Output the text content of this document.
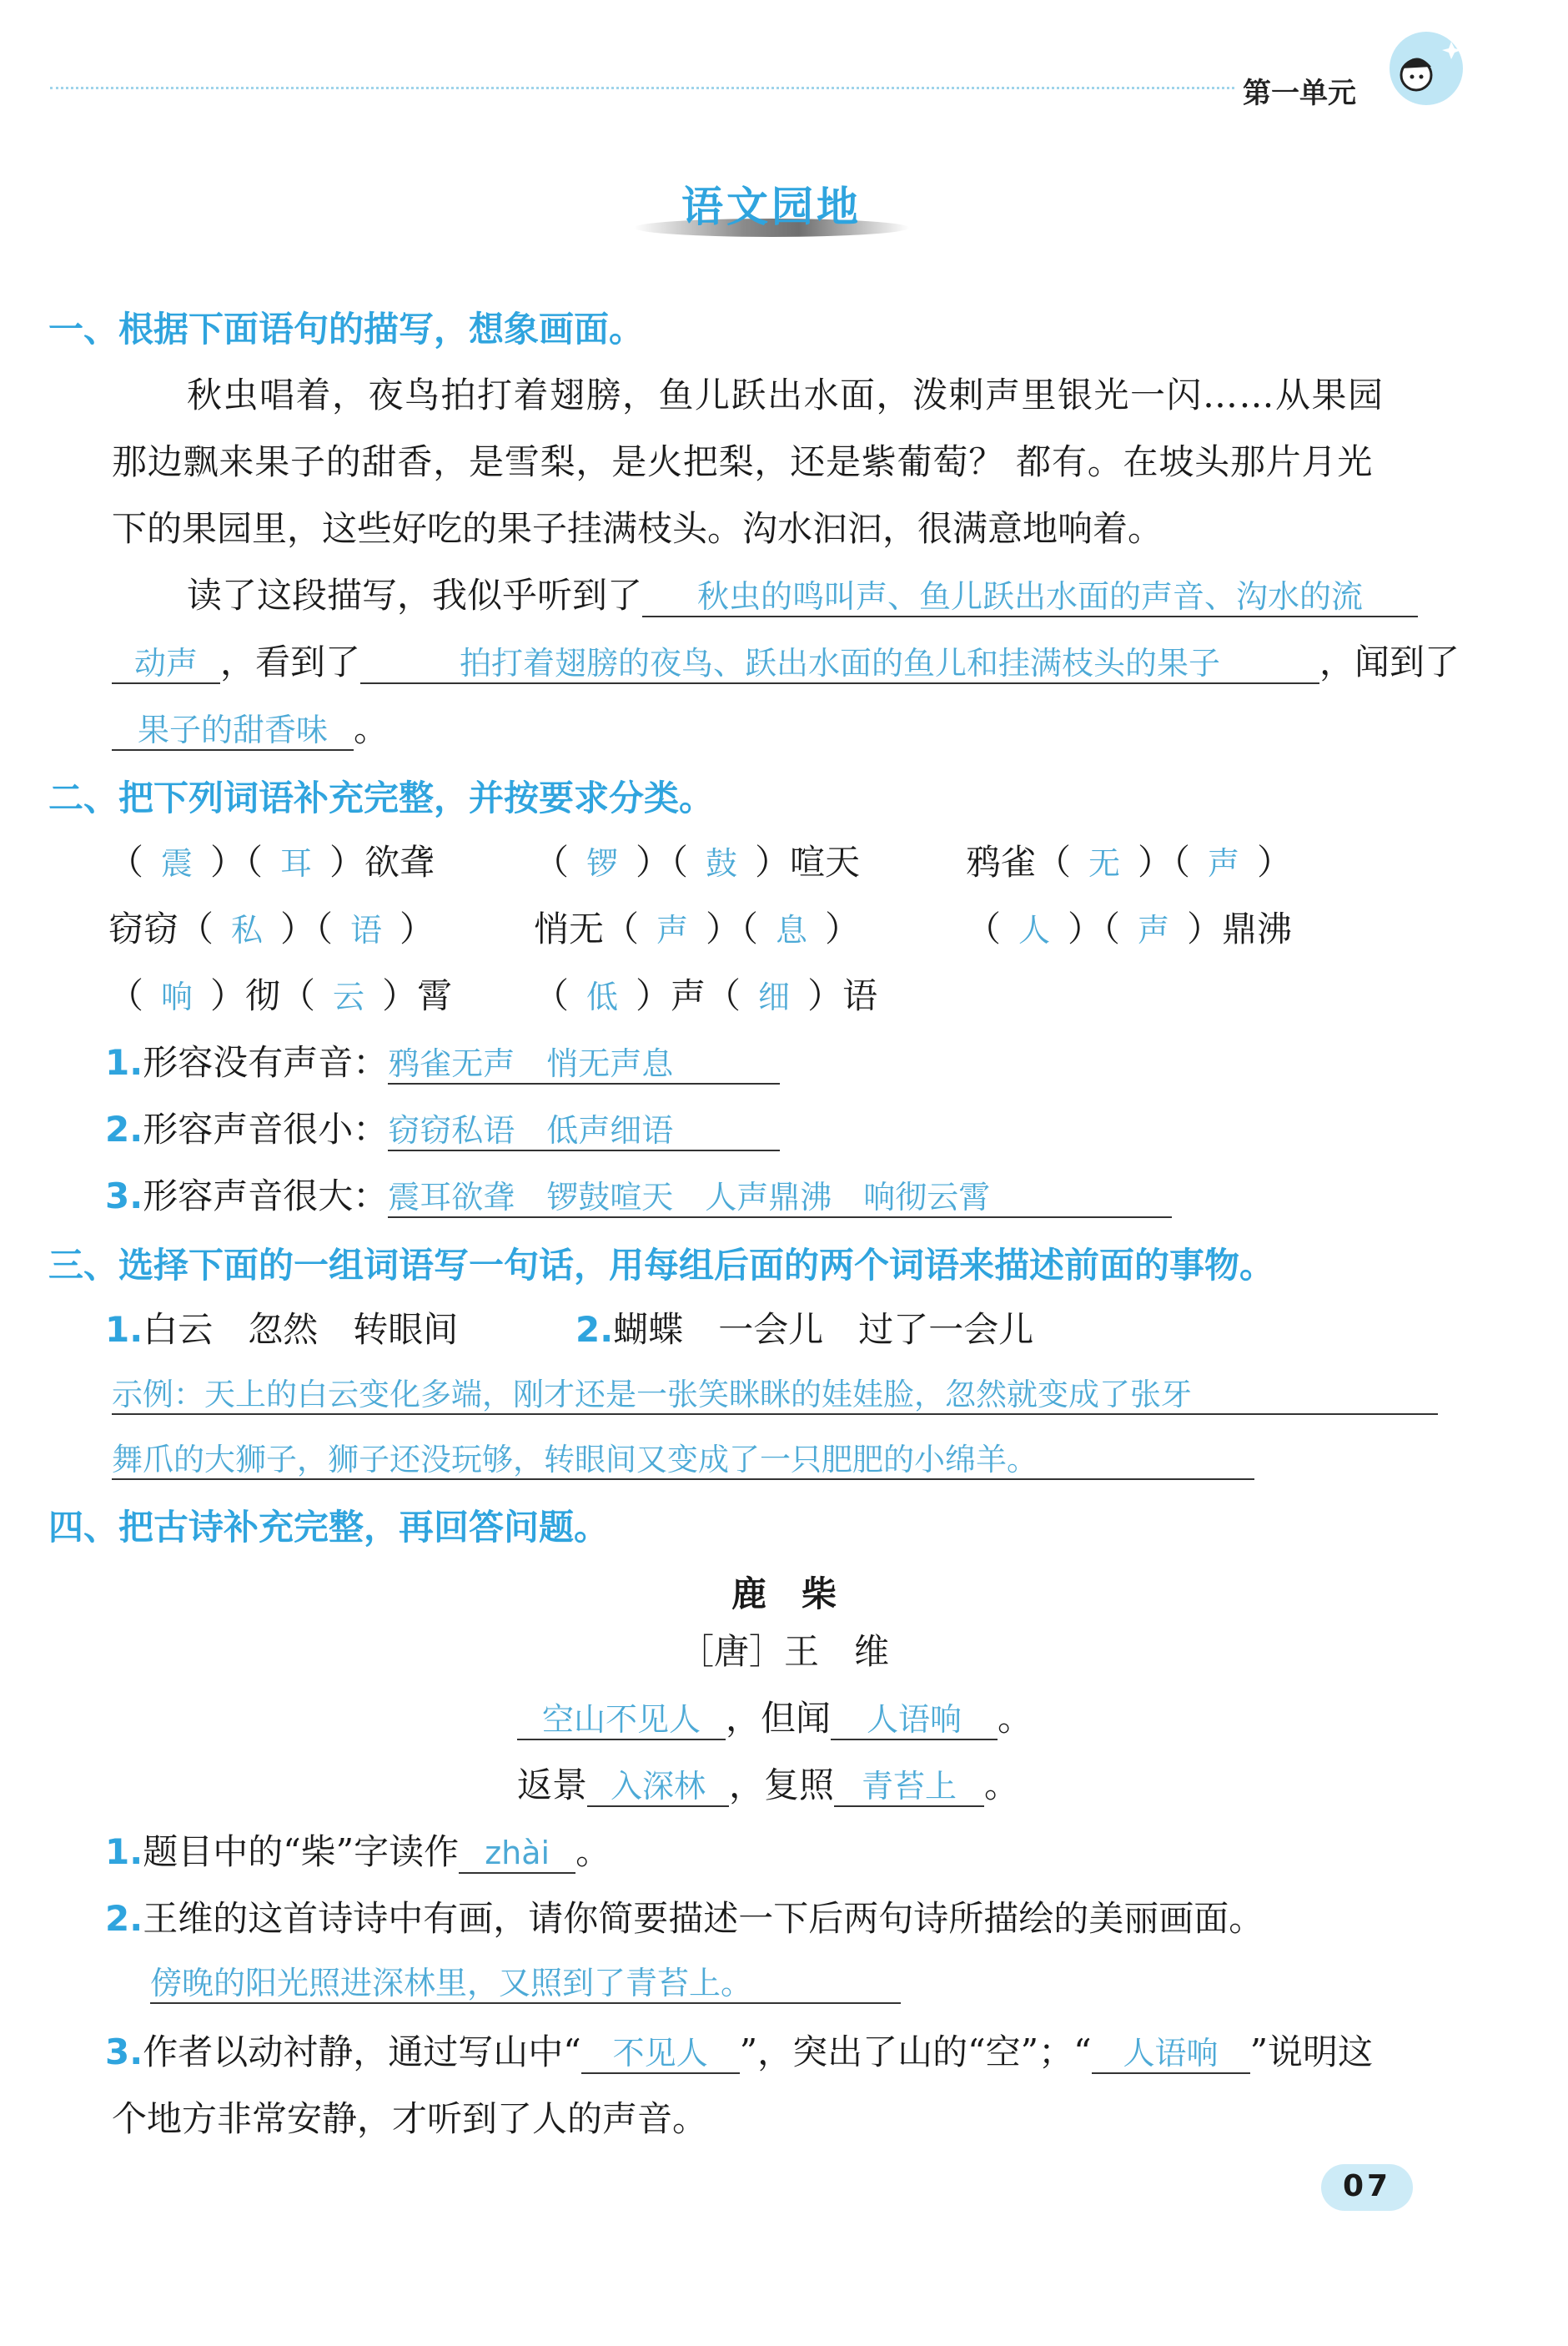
第一单元
语文园地
一、根据下面语句的描写，想象画面。
秋虫唱着，夜鸟拍打着翅膀，鱼儿跃出水面，泼剌声里银光一闪……从果园
那边飘来果子的甜香，是雪梨，是火把梨，还是紫葡萄？ 都有。在坡头那片月光
下的果园里，这些好吃的果子挂满枝头。沟水汩汩，很满意地响着。
读了这段描写，我似乎听到了 秋虫的鸣叫声、鱼儿跃出水面的声音、沟水的流
动声 ，看到了	拍打着翅膀的夜鸟、跃出水面的鱼儿和挂满枝头的果子	，闻到了
果子的甜香味 。
二、把下列词语补充完整，并按要求分类。
（ 震 ）（ 耳 ）欲聋	（ 锣 ）（ 鼓 ）喧天	鸦雀（ 无 ）（ 声 ）
窃窃（ 私 ）（ 语 ）	悄无（ 声 ）（ 息 ）	（ 人 ）（ 声 ）鼎沸
（ 响 ）彻（ 云 ）霄 （ 低 ）声（ 细 ）语
1.形容没有声音：鸦雀无声　悄无声息
2.形容声音很小：窃窃私语　低声细语
3.形容声音很大：震耳欲聋　锣鼓喧天　人声鼎沸　响彻云霄
三、选择下面的一组词语写一句话，用每组后面的两个词语来描述前面的事物。
1.白云　忽然　转眼间	2.蝴蝶　一会儿　过了一会儿
示例：天上的白云变化多端，刚才还是一张笑眯眯的娃娃脸，忽然就变成了张牙
舞爪的大狮子，狮子还没玩够，转眼间又变成了一只肥肥的小绵羊。
四、把古诗补充完整，再回答问题。
鹿　柴
［唐］王　维
空山不见人 ，但闻 人语响 。
返景 入深林 ，复照 青苔上 。
1.题目中的“柴”字读作 zhài 。
2.王维的这首诗诗中有画，请你简要描述一下后两句诗所描绘的美丽画面。
傍晚的阳光照进深林里，又照到了青苔上。
3.作者以动衬静，通过写山中“ 不见人 ”，突出了山的“空”；“ 人语响 ”说明这
个地方非常安静，才听到了人的声音。
07
